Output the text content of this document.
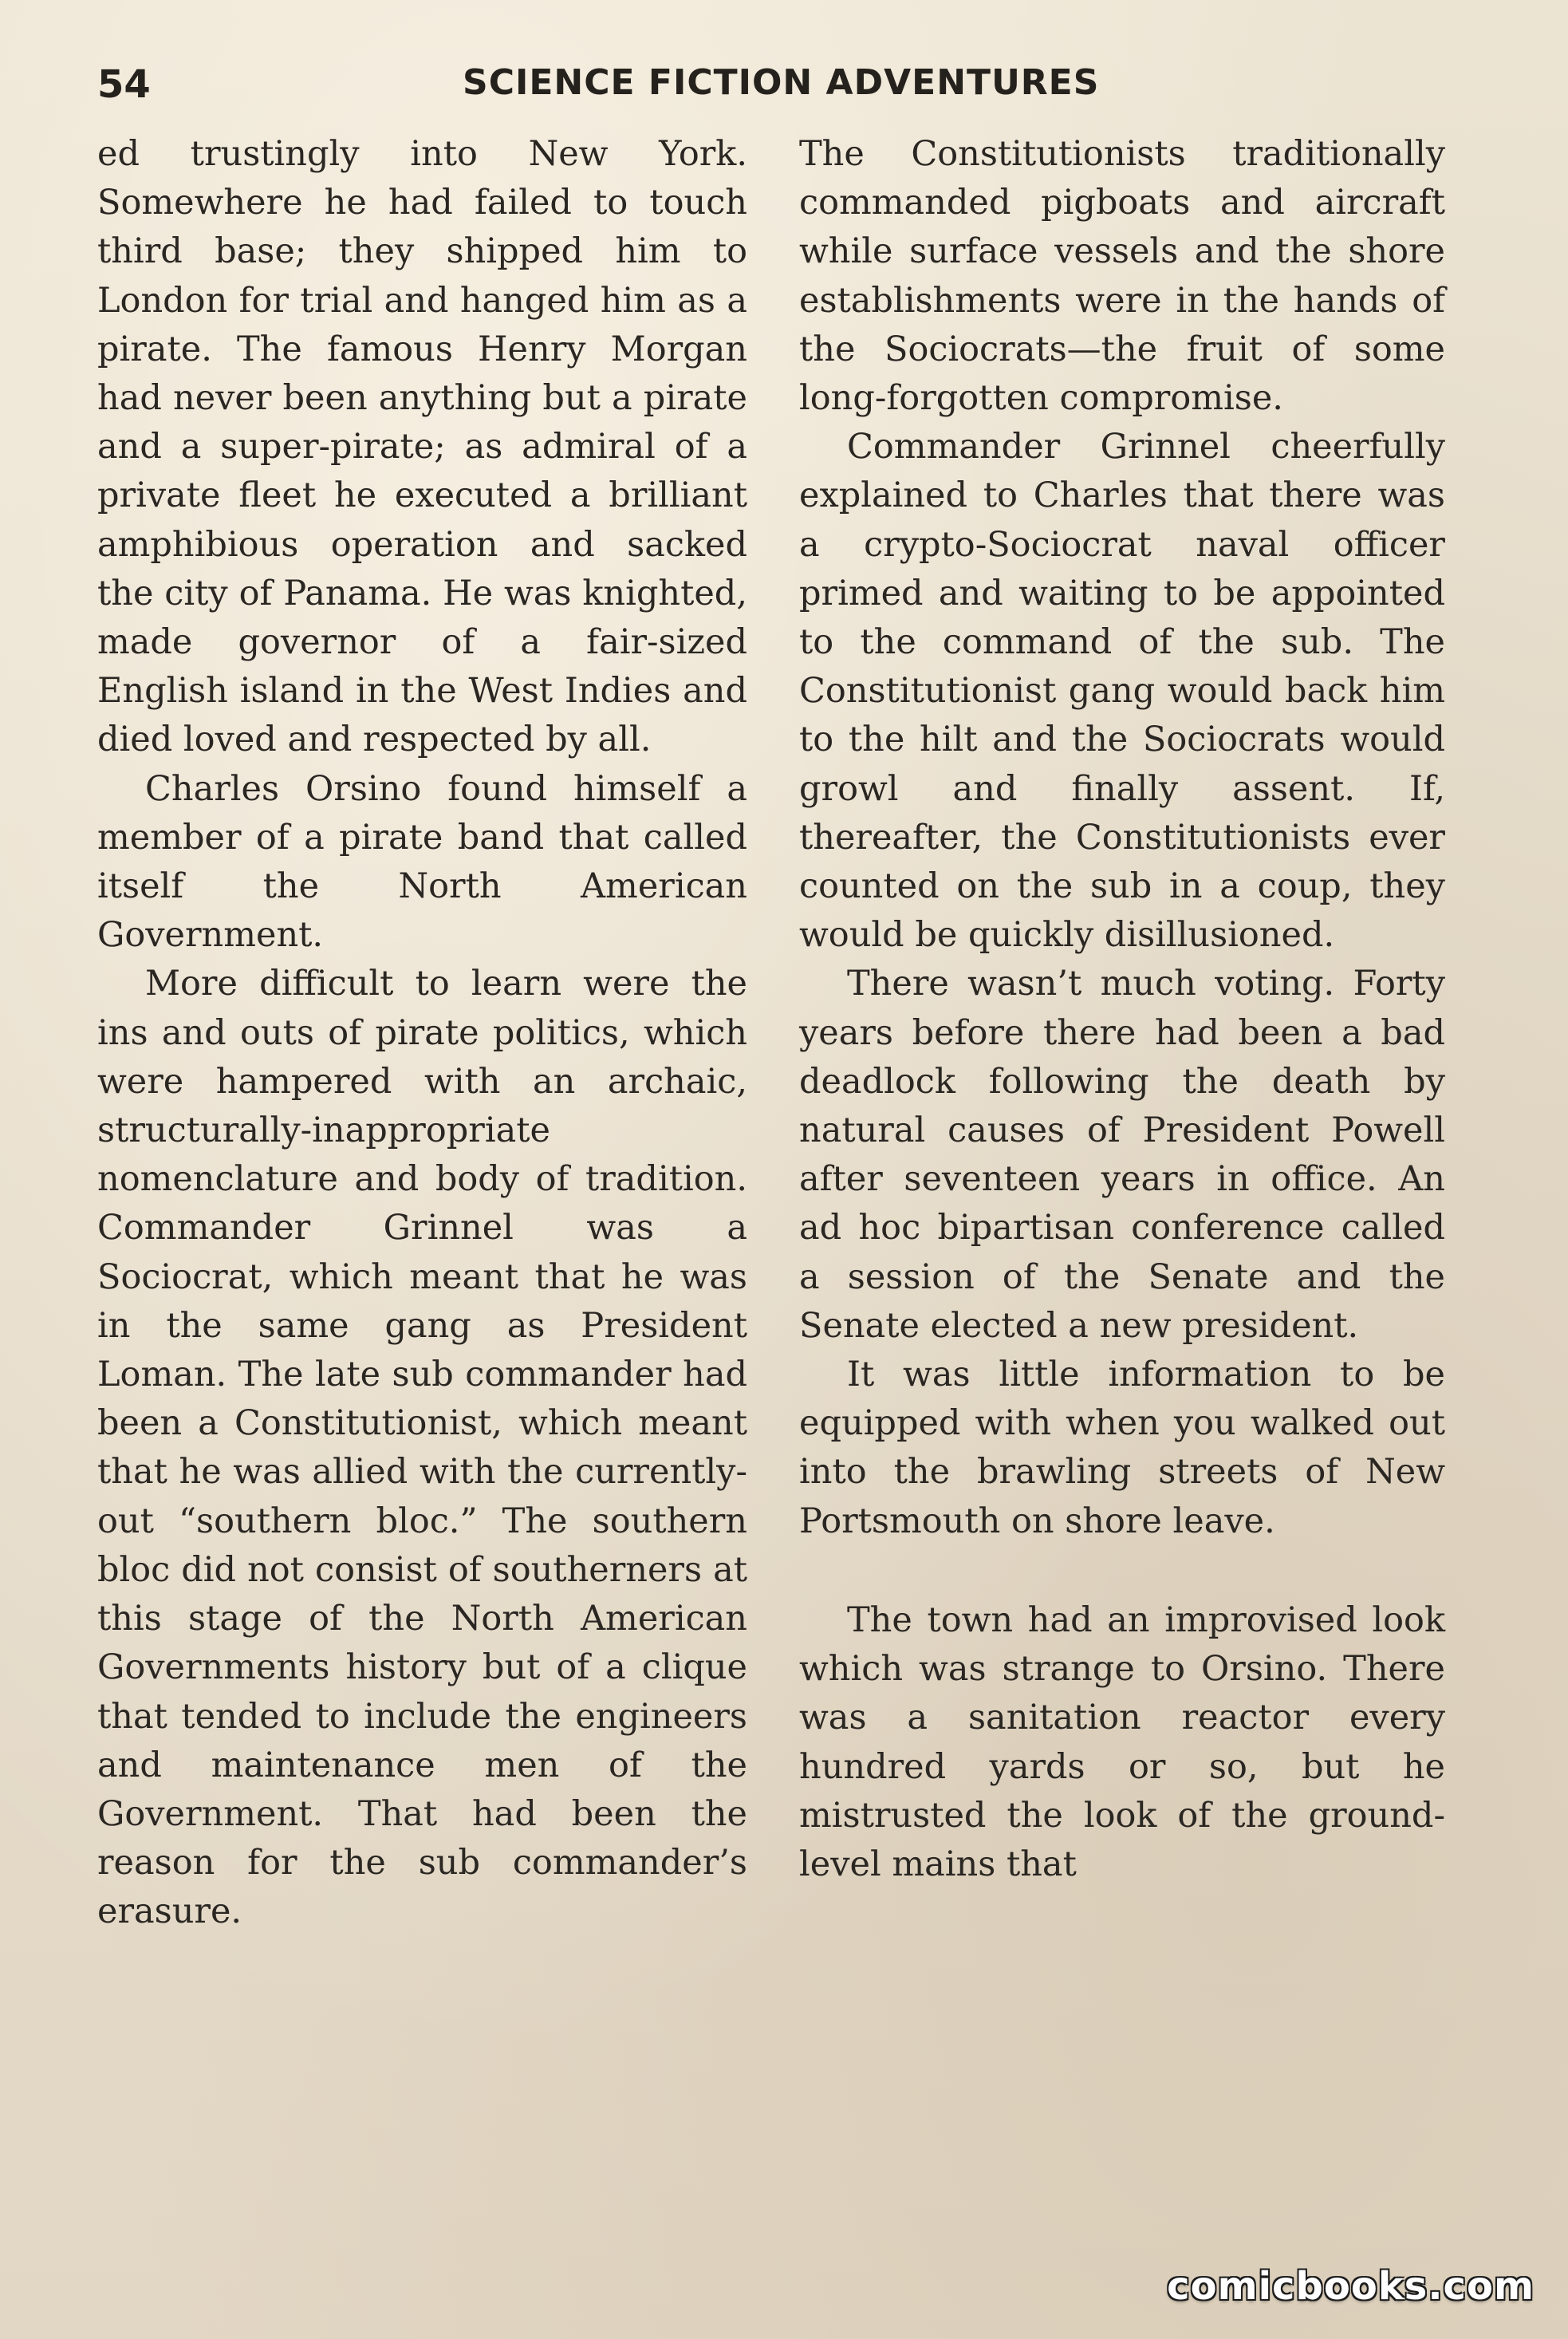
54	SCIENCE FICTION ADVENTURES

ed trustingly into New York. Somewhere he had failed to touch third base; they shipped him to London for trial and hanged him as a pirate. The famous Henry Morgan had never been anything but a pirate and a super-pirate; as admiral of a private fleet he executed a brilliant amphibious operation and sacked the city of Panama. He was knighted, made governor of a fair-sized English island in the West Indies and died loved and respected by all.

Charles Orsino found himself a member of a pirate band that called itself the North American Government.

More difficult to learn were the ins and outs of pirate politics, which were hampered with an archaic, structurally-inappropriate nomenclature and body of tradition. Commander Grinnel was a Sociocrat, which meant that he was in the same gang as President Loman. The late sub commander had been a Constitutionist, which meant that he was allied with the currently-out “southern bloc.” The southern bloc did not consist of southerners at this stage of the North American Governments history but of a clique that tended to include the engineers and maintenance men of the Government. That had been the reason for the sub commander’s erasure.

The Constitutionists traditionally commanded pigboats and aircraft while surface vessels and the shore establishments were in the hands of the Sociocrats—the fruit of some long-forgotten compromise.

Commander Grinnel cheerfully explained to Charles that there was a crypto-Sociocrat naval officer primed and waiting to be appointed to the command of the sub. The Constitutionist gang would back him to the hilt and the Sociocrats would growl and finally assent. If, thereafter, the Constitutionists ever counted on the sub in a coup, they would be quickly disillusioned.

There wasn’t much voting. Forty years before there had been a bad deadlock following the death by natural causes of President Powell after seventeen years in office. An ad hoc bipartisan conference called a session of the Senate and the Senate elected a new president.

It was little information to be equipped with when you walked out into the brawling streets of New Portsmouth on shore leave.

The town had an improvised look which was strange to Orsino. There was a sanitation reactor every hundred yards or so, but he mistrusted the look of the ground-level mains that

comicbooks.com
